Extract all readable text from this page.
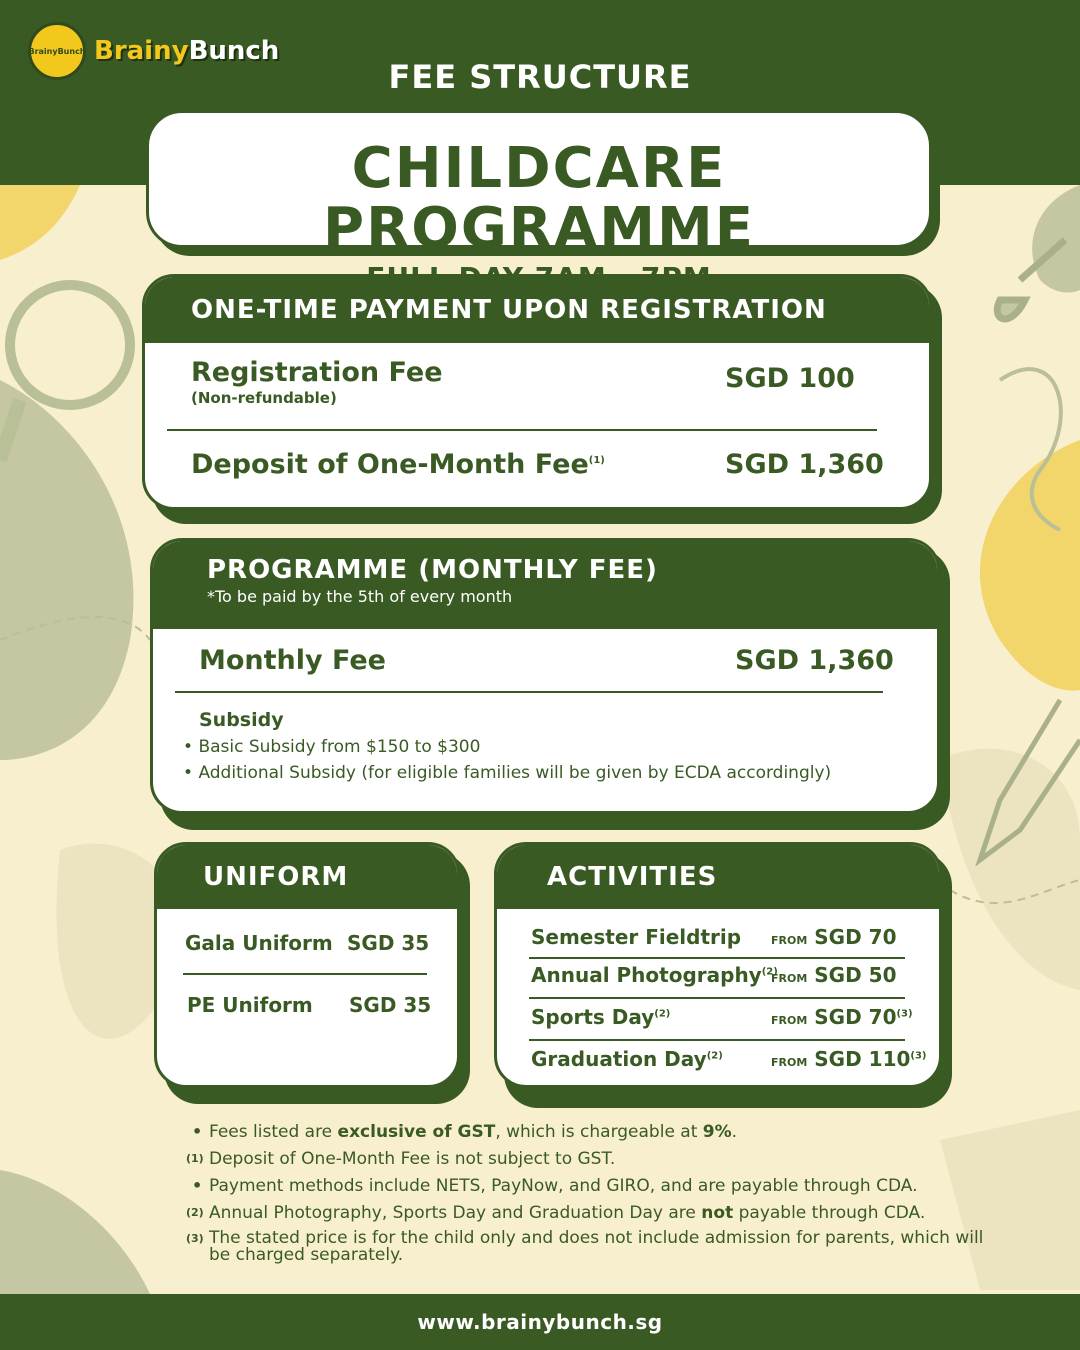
BrainyBunch BrainyBunch
FEE STRUCTURE
CHILDCARE PROGRAMME
ONE-TIME PAYMENT UPON REGISTRATION
Registration Fee
(Non-refundable)
SGD 100
Deposit of One-Month Fee$^{(1)}$	SGD 1,360
PROGRAMME (MONTHLY FEE)
*To be paid by the 5th of every month
Monthly Fee	SGD 1,360
Subsidy
• Basic Subsidy from $150 to $300
• Additional Subsidy (for eligible families will be given by ECDA accordingly)
UNIFORM
Gala Uniform SGD 35
PE Uniform SGD 35
ACTIVITIES
Semester Fieldtrip	FROM SGD 70
Annual Photography$^{(2)}$
FROM SGD 50
Sports Day$^{(2)}$
FROM SGD 70$^{(3)}$
Graduation Day$^{(2)}$
FROM SGD 110$^{(3)}$
• Fees listed are exclusive of GST, which is chargeable at 9%.
(1) Deposit of One-Month Fee is not subject to GST.
• Payment methods include NETS, PayNow, and GIRO, and are payable through CDA.
(2) Annual Photography, Sports Day and Graduation Day are not payable through CDA.
(3) The stated price is for the child only and does not include admission for parents, which will be charged separately.
www.brainybunch.sg
